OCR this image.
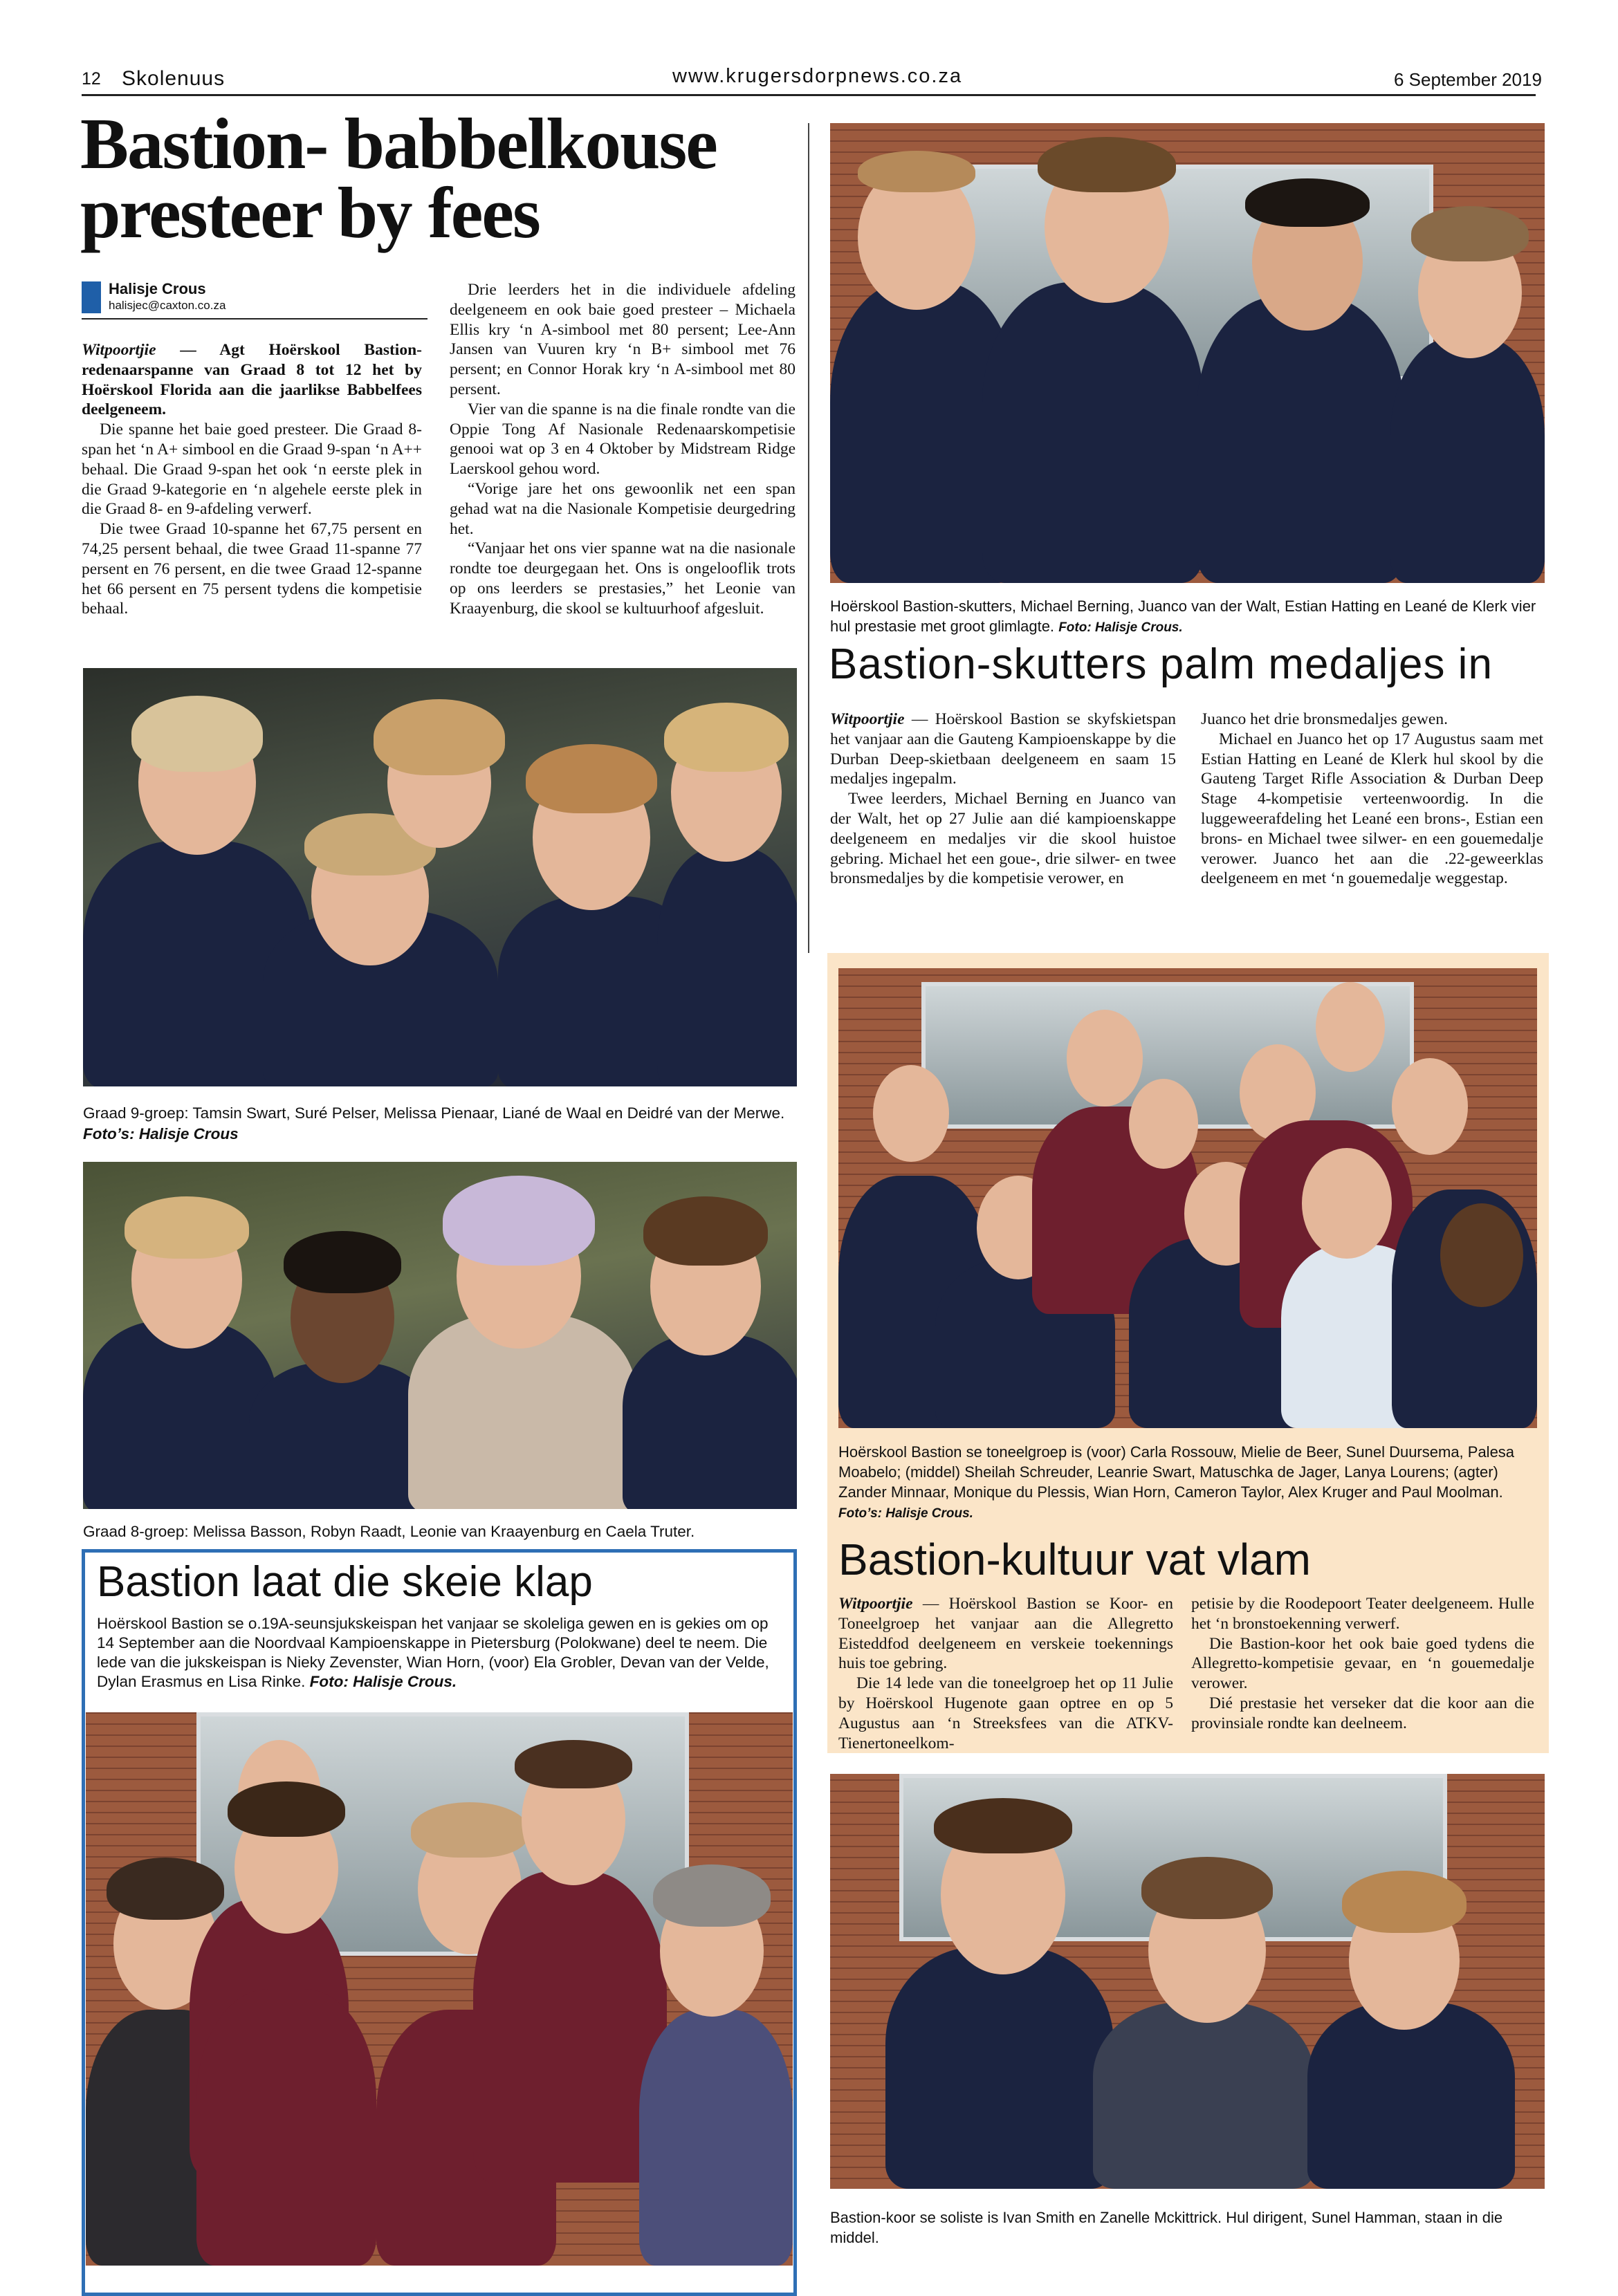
12 Skolenuus	www.krugersdorpnews.co.za	6 September 2019
Bastion- babbelkouse
presteer by fees
Halisje Crous
halisjec@caxton.co.za

Witpoortjie — Agt Hoërskool Bastion-redenaarspanne van Graad 8 tot 12 het by Hoërskool Florida aan die jaarlikse Babbelfees deelgeneem.

Die spanne het baie goed presteer. Die Graad 8-span het ‘n A+ simbool en die Graad 9-span ‘n A++ behaal. Die Graad 9-span het ook ‘n eerste plek in die Graad 9-kategorie en ‘n algehele eerste plek in die Graad 8- en 9-afdeling verwerf.

Die twee Graad 10-spanne het 67,75 persent en 74,25 persent behaal, die twee Graad 11-spanne 77 persent en 76 persent, en die twee Graad 12-spanne het 66 persent en 75 persent tydens die kompetisie behaal.

Drie leerders het in die individuele afdeling deelgeneem en ook baie goed presteer – Michaela Ellis kry ‘n A-simbool met 80 persent; Lee-Ann Jansen van Vuuren kry ‘n B+ simbool met 76 persent; en Connor Horak kry ‘n A-simbool met 80 persent.

Vier van die spanne is na die finale rondte van die Oppie Tong Af Nasionale Redenaarskompetisie genooi wat op 3 en 4 Oktober by Midstream Ridge Laerskool gehou word.

“Vorige jare het ons gewoonlik net een span gehad wat na die Nasionale Kompetisie deurgedring het.

“Vanjaar het ons vier spanne wat na die nasionale rondte toe deurgegaan het. Ons is ongelooflik trots op ons leerders se prestasies,” het Leonie van Kraayenburg, die skool se kultuurhoof afgesluit.

Graad 9-groep: Tamsin Swart, Suré Pelser, Melissa Pienaar, Liané de Waal en Deidré van der Merwe. Foto’s: Halisje Crous
Graad 8-groep: Melissa Basson, Robyn Raadt, Leonie van Kraayenburg en Caela Truter.
Bastion laat die skeie klap
Hoërskool Bastion se o.19A-seunsjukskeispan het vanjaar se skoleliga gewen en is gekies om op 14 September aan die Noordvaal Kampioenskappe in Pietersburg (Polokwane) deel te neem. Die lede van die jukskeispan is Nieky Zevenster, Wian Horn, (voor) Ela Grobler, Devan van der Velde, Dylan Erasmus en Lisa Rinke. Foto: Halisje Crous.
Hoërskool Bastion-skutters, Michael Berning, Juanco van der Walt, Estian Hatting en Leané de Klerk vier hul prestasie met groot glimlagte. Foto: Halisje Crous.
Bastion-skutters palm medaljes in

Witpoortjie — Hoërskool Bastion se skyfskietspan het vanjaar aan die Gauteng Kampioenskappe by die Durban Deep-skietbaan deelgeneem en saam 15 medaljes ingepalm.

Twee leerders, Michael Berning en Juanco van der Walt, het op 27 Julie aan dié kampioenskappe deelgeneem en medaljes vir die skool huistoe gebring. Michael het een goue-, drie silwer- en twee bronsmedaljes by die kompetisie verower, en

Juanco het drie bronsmedaljes gewen.

Michael en Juanco het op 17 Augustus saam met Estian Hatting en Leané de Klerk hul skool by die Gauteng Target Rifle Association & Durban Deep Stage 4-kompetisie verteenwoordig. In die luggeweerafdeling het Leané een brons-, Estian een brons- en Michael twee silwer- en een gouemedalje verower. Juanco het aan die .22-geweerklas deelgeneem en met ‘n gouemedalje weggestap.

Hoërskool Bastion se toneelgroep is (voor) Carla Rossouw, Mielie de Beer, Sunel Duursema, Palesa Moabelo; (middel) Sheilah Schreuder, Leanrie Swart, Matuschka de Jager, Lanya Lourens; (agter) Zander Minnaar, Monique du Plessis, Wian Horn, Cameron Taylor, Alex Kruger and Paul Moolman. Foto’s: Halisje Crous.
Bastion-kultuur vat vlam

Witpoortjie — Hoërskool Bastion se Koor- en Toneelgroep het vanjaar aan die Allegretto Eisteddfod deelgeneem en verskeie toekennings huis toe gebring.

Die 14 lede van die toneelgroep het op 11 Julie by Hoërskool Hugenote gaan optree en op 5 Augustus aan ‘n Streeksfees van die ATKV-Tienertoneelkom-

petisie by die Roodepoort Teater deelgeneem. Hulle het ‘n bronstoekenning verwerf.

Die Bastion-koor het ook baie goed tydens die Allegretto-kompetisie gevaar, en ‘n gouemedalje verower.

Dié prestasie het verseker dat die koor aan die provinsiale rondte kan deelneem.

Bastion-koor se soliste is Ivan Smith en Zanelle Mckittrick. Hul dirigent, Sunel Hamman, staan in die middel.
